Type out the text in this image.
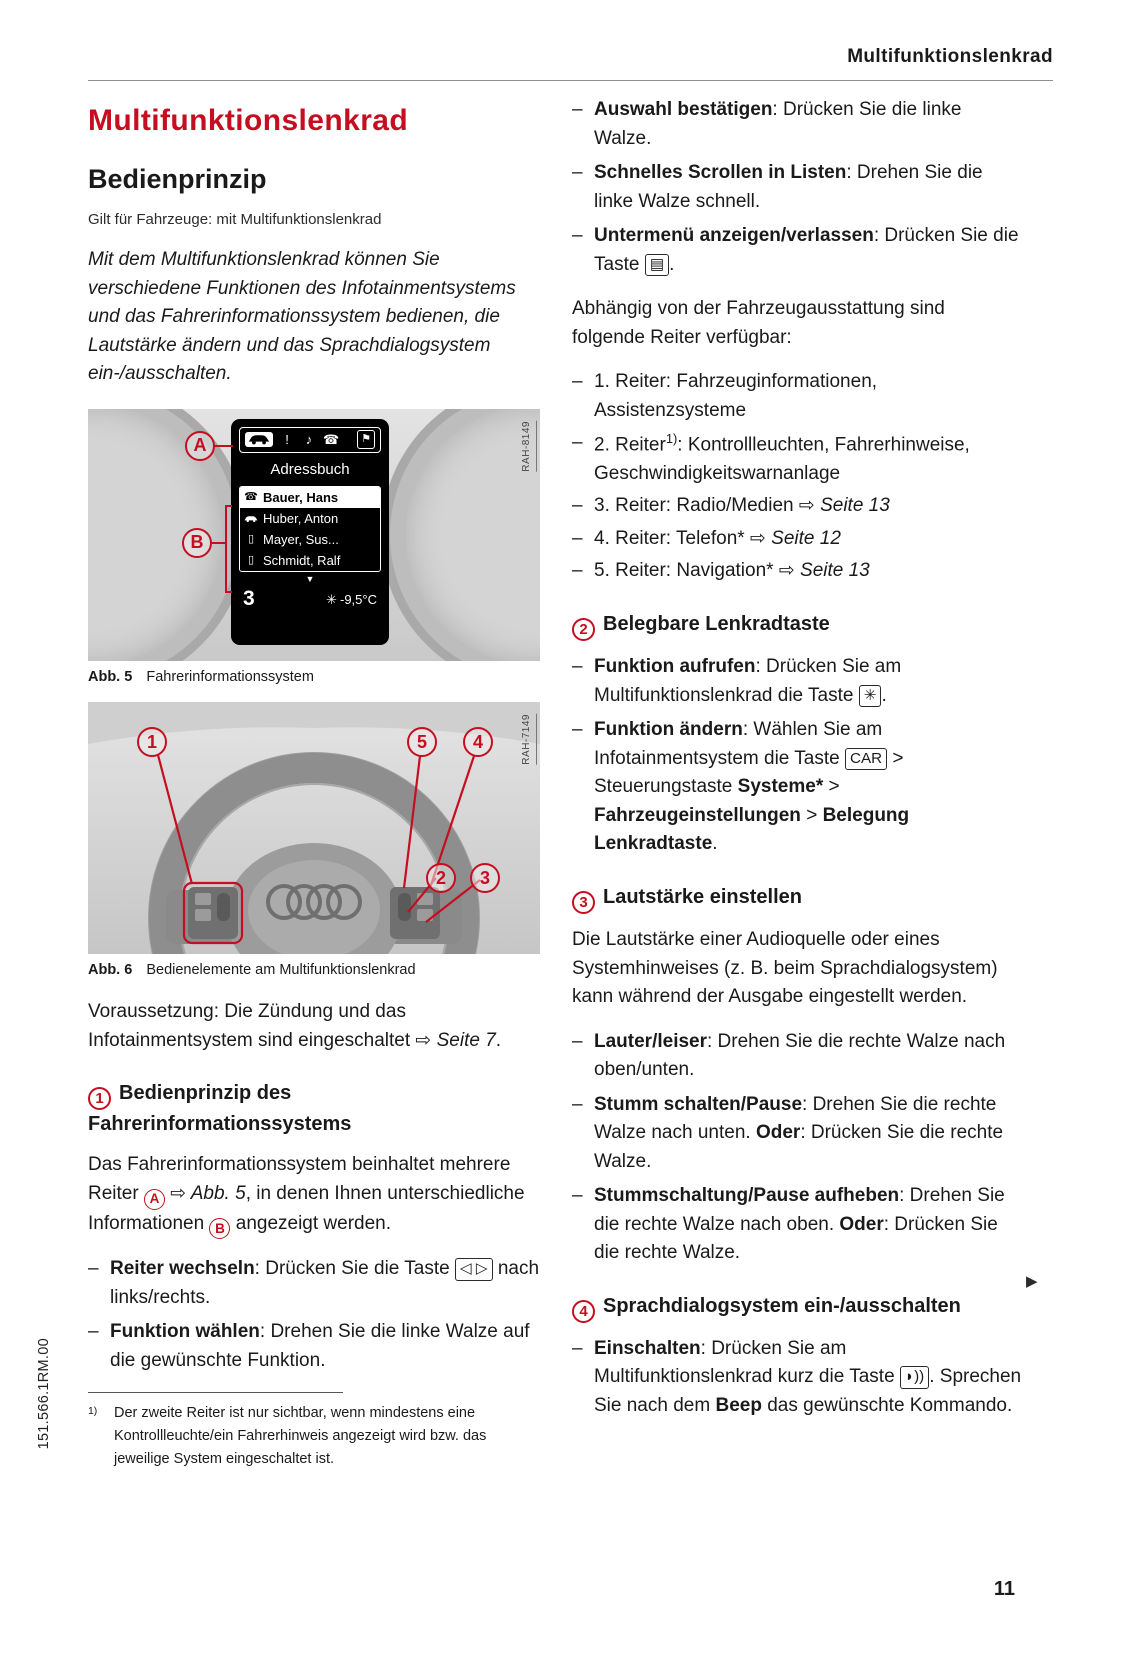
Multifunktionslenkrad
Multifunktionslenkrad
Bedienprinzip
Gilt für Fahrzeuge: mit Multifunktionslenkrad

Mit dem Multifunktionslenkrad können Sie verschiedene Funktionen des Infotainmentsystems und das Fahrerinformationssystem bedienen, die Lautstärke ändern und das Sprachdialogsystem ein-/ausschalten.

!	♪ ☎	⚑
Adressbuch
☎ Bauer, Hans
Huber, Anton
▯ Mayer, Sus...
▯ Schmidt, Ralf
▼
3	✳ -9,5°C
A
B
RAH-8149
Abb. 5 Fahrerinformationssystem
1	5	4
2	3
RAH-7149
Abb. 6 Bedienelemente am Multifunktionslenkrad

Voraussetzung: Die Zündung und das Infotainmentsystem sind eingeschaltet ⇨ Seite 7.

1 Bedienprinzip des Fahrerinformationssystems

Das Fahrerinformationssystem beinhaltet mehrere Reiter A ⇨ Abb. 5, in denen Ihnen unterschiedliche Informationen B angezeigt werden.

– Reiter wechseln: Drücken Sie die Taste ◁ ▷ nach links/rechts.
– Funktion wählen: Drehen Sie die linke Walze auf die gewünschte Funktion.
– Auswahl bestätigen: Drücken Sie die linke Walze.
– Schnelles Scrollen in Listen: Drehen Sie die linke Walze schnell.
– Untermenü anzeigen/verlassen: Drücken Sie die Taste ▤ .

Abhängig von der Fahrzeugausstattung sind folgende Reiter verfügbar:

– 1. Reiter: Fahrzeuginformationen, Assistenzsysteme
– 2. Reiter$^{1)}$: Kontrollleuchten, Fahrerhinweise, Geschwindigkeitswarnanlage
– 3. Reiter: Radio/Medien ⇨ Seite 13
– 4. Reiter: Telefon* ⇨ Seite 12
– 5. Reiter: Navigation* ⇨ Seite 13
2 Belegbare Lenkradtaste
– Funktion aufrufen: Drücken Sie am Multifunktionslenkrad die Taste ✳ .
– Funktion ändern: Wählen Sie am Infotainmentsystem die Taste CAR > Steuerungstaste Systeme* > Fahrzeugeinstellungen > Belegung Lenkradtaste.
3 Lautstärke einstellen

Die Lautstärke einer Audioquelle oder eines Systemhinweises (z. B. beim Sprachdialogsystem) kann während der Ausgabe eingestellt werden.

– Lauter/leiser: Drehen Sie die rechte Walze nach oben/unten.
– Stumm schalten/Pause: Drehen Sie die rechte Walze nach unten. Oder: Drücken Sie die rechte Walze.
– Stummschaltung/Pause aufheben: Drehen Sie die rechte Walze nach oben. Oder: Drücken Sie die rechte Walze.
4 Sprachdialogsystem ein-/ausschalten
– Einschalten: Drücken Sie am Multifunktionslenkrad kurz die Taste ◗)) . Sprechen Sie nach dem Beep das gewünschte Kommando.
1)	Der zweite Reiter ist nur sichtbar, wenn mindestens eine Kontrollleuchte/ein Fahrerhinweis angezeigt wird bzw. das jeweilige System eingeschaltet ist.
151.566.1RM.00
▶
11
